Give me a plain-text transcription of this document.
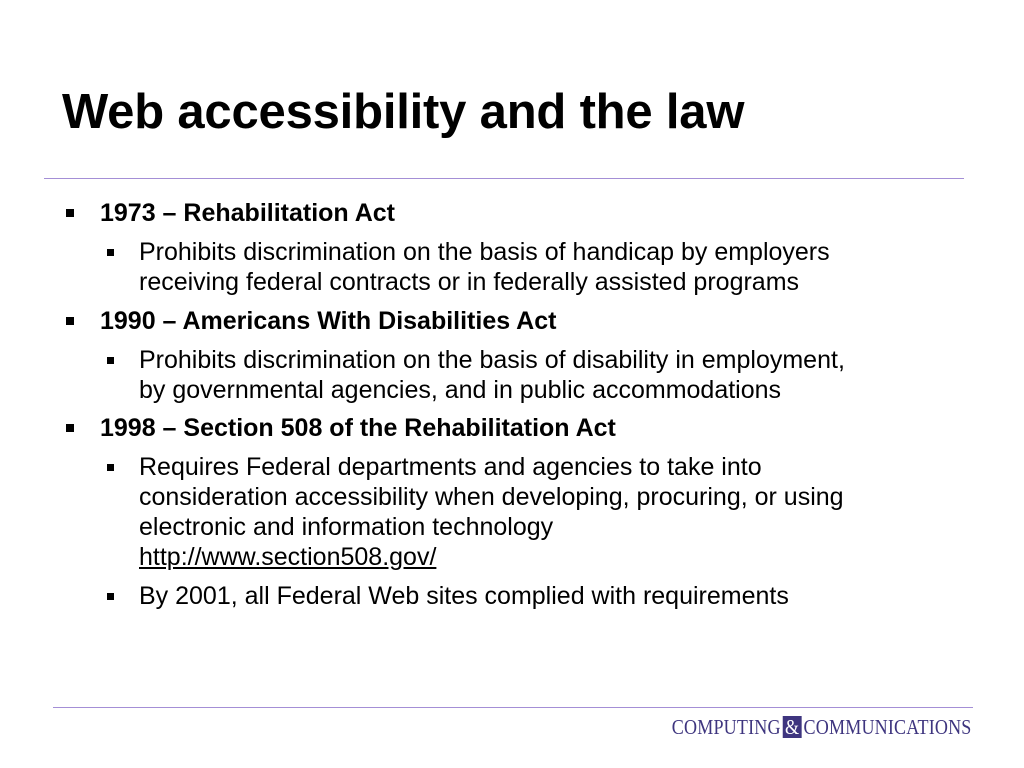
Web accessibility and the law
1973 – Rehabilitation Act
Prohibits discrimination on the basis of handicap by employers
receiving federal contracts or in federally assisted programs
1990 – Americans With Disabilities Act
Prohibits discrimination on the basis of disability in employment,
by governmental agencies, and in public accommodations
1998 – Section 508 of the Rehabilitation Act
Requires Federal departments and agencies to take into
consideration accessibility when developing, procuring, or using
electronic and information technology
http://www.section508.gov/
By 2001, all Federal Web sites complied with requirements
COMPUTING & COMMUNICATIONS
